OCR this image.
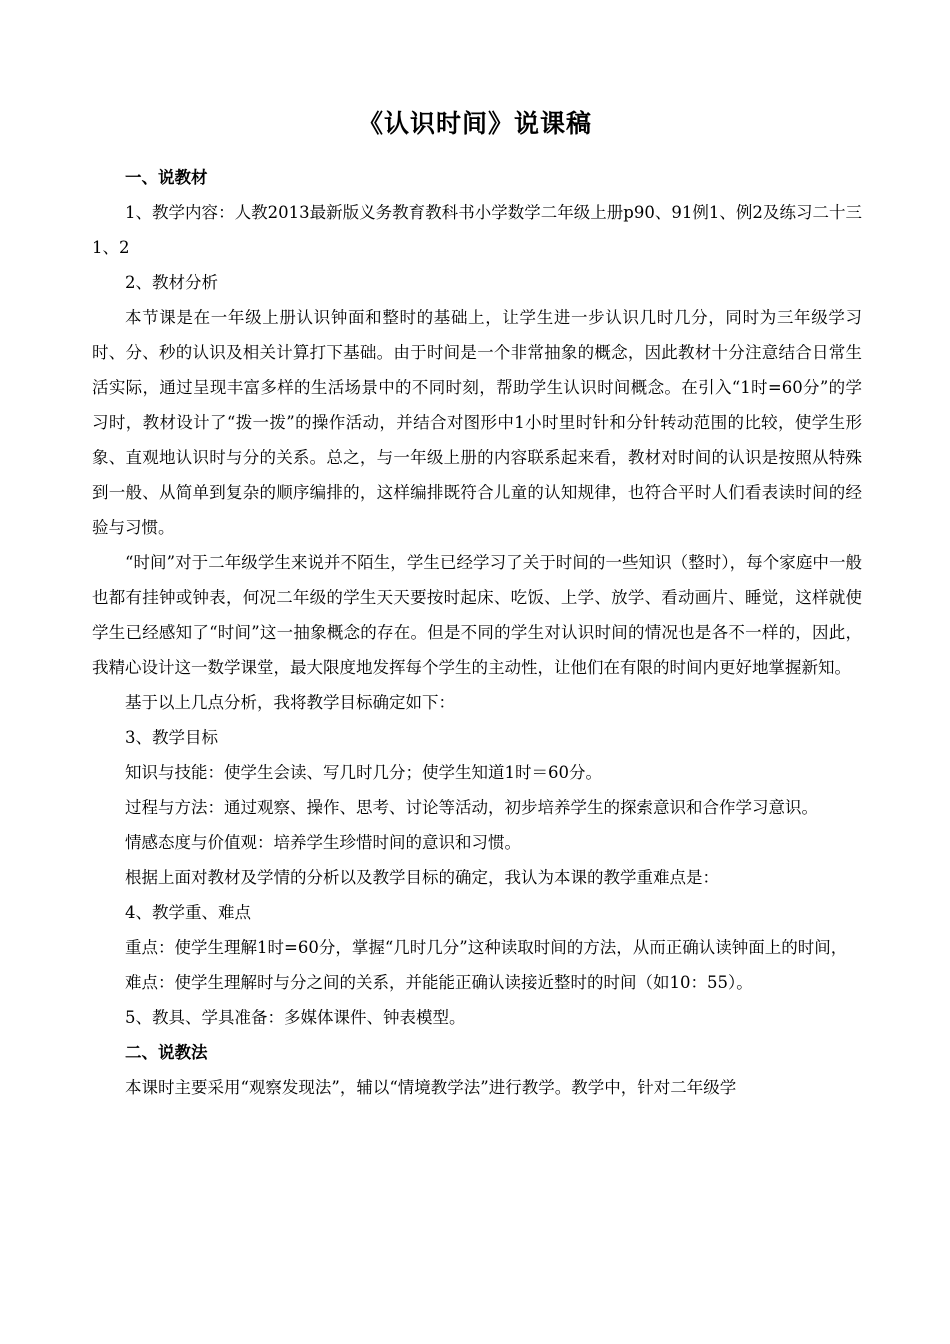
《认识时间》说课稿

一、说教材

1、教学内容：人教2013最新版义务教育教科书小学数学二年级上册p90、91例1、例2及练习二十三1、2

2、教材分析

本节课是在一年级上册认识钟面和整时的基础上，让学生进一步认识几时几分，同时为三年级学习时、分、秒的认识及相关计算打下基础。由于时间是一个非常抽象的概念，因此教材十分注意结合日常生活实际，通过呈现丰富多样的生活场景中的不同时刻，帮助学生认识时间概念。在引入“1时=60分”的学习时，教材设计了“拨一拨”的操作活动，并结合对图形中1小时里时针和分针转动范围的比较，使学生形象、直观地认识时与分的关系。总之，与一年级上册的内容联系起来看，教材对时间的认识是按照从特殊到一般、从简单到复杂的顺序编排的，这样编排既符合儿童的认知规律，也符合平时人们看表读时间的经验与习惯。

“时间”对于二年级学生来说并不陌生，学生已经学习了关于时间的一些知识（整时），每个家庭中一般也都有挂钟或钟表，何况二年级的学生天天要按时起床、吃饭、上学、放学、看动画片、睡觉，这样就使学生已经感知了“时间”这一抽象概念的存在。但是不同的学生对认识时间的情况也是各不一样的，因此，我精心设计这一数学课堂，最大限度地发挥每个学生的主动性，让他们在有限的时间内更好地掌握新知。

基于以上几点分析，我将教学目标确定如下：

3、教学目标

知识与技能：使学生会读、写几时几分；使学生知道1时＝60分。

过程与方法：通过观察、操作、思考、讨论等活动，初步培养学生的探索意识和合作学习意识。

情感态度与价值观：培养学生珍惜时间的意识和习惯。

根据上面对教材及学情的分析以及教学目标的确定，我认为本课的教学重难点是：

4、教学重、难点

重点：使学生理解1时=60分，掌握“几时几分”这种读取时间的方法，从而正确认读钟面上的时间，

难点：使学生理解时与分之间的关系，并能能正确认读接近整时的时间（如10：55）。

5、教具、学具准备：多媒体课件、钟表模型。

二、说教法

本课时主要采用“观察发现法”，辅以“情境教学法”进行教学。教学中，针对二年级学
